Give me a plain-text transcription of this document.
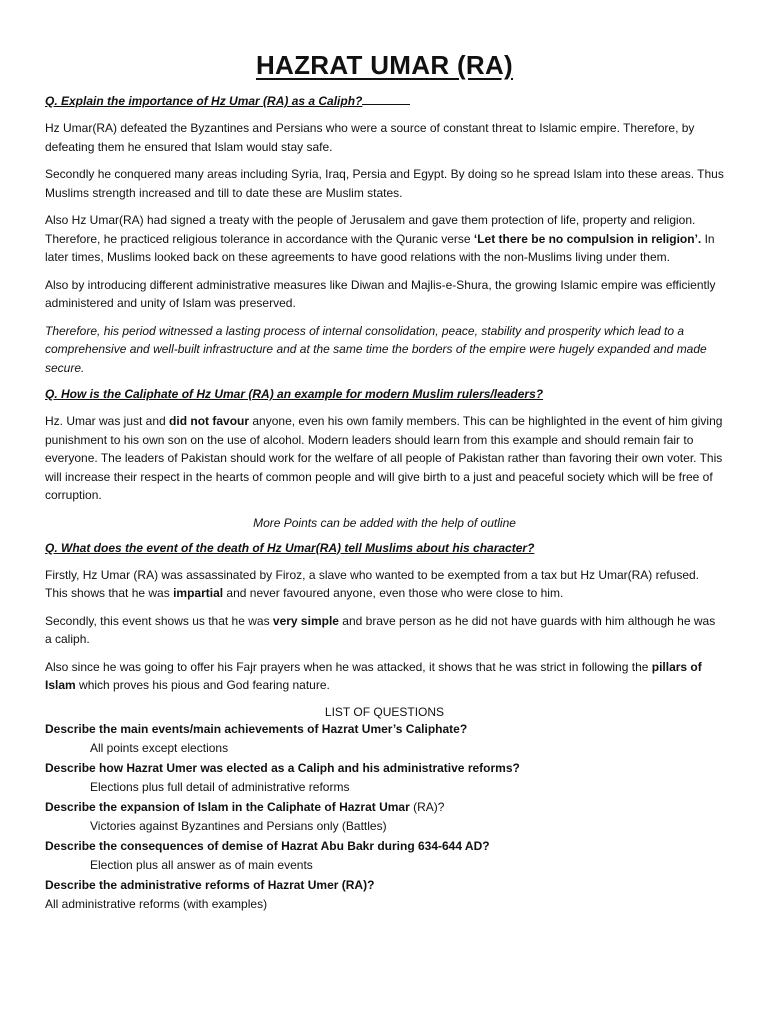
HAZRAT UMAR (RA)
Q. Explain the importance of Hz Umar (RA) as a Caliph?

Hz Umar(RA) defeated the Byzantines and Persians who were a source of constant threat to Islamic empire. Therefore, by defeating them he ensured that Islam would stay safe.

Secondly he conquered many areas including Syria, Iraq, Persia and Egypt. By doing so he spread Islam into these areas. Thus Muslims strength increased and till to date these are Muslim states.

Also Hz Umar(RA) had signed a treaty with the people of Jerusalem and gave them protection of life, property and religion. Therefore, he practiced religious tolerance in accordance with the Quranic verse ‘Let there be no compulsion in religion’. In later times, Muslims looked back on these agreements to have good relations with the non-Muslims living under them.

Also by introducing different administrative measures like Diwan and Majlis-e-Shura, the growing Islamic empire was efficiently administered and unity of Islam was preserved.

Therefore, his period witnessed a lasting process of internal consolidation, peace, stability and prosperity which lead to a comprehensive and well-built infrastructure and at the same time the borders of the empire were hugely expanded and made secure.

Q. How is the Caliphate of Hz Umar (RA) an example for modern Muslim rulers/leaders?

Hz. Umar was just and did not favour anyone, even his own family members. This can be highlighted in the event of him giving punishment to his own son on the use of alcohol. Modern leaders should learn from this example and should remain fair to everyone. The leaders of Pakistan should work for the welfare of all people of Pakistan rather than favoring their own voter. This will increase their respect in the hearts of common people and will give birth to a just and peaceful society which will be free of corruption.

More Points can be added with the help of outline

Q. What does the event of the death of Hz Umar(RA) tell Muslims about his character?

Firstly, Hz Umar (RA) was assassinated by Firoz, a slave who wanted to be exempted from a tax but Hz Umar(RA) refused. This shows that he was impartial and never favoured anyone, even those who were close to him.

Secondly, this event shows us that he was very simple and brave person as he did not have guards with him although he was a caliph.

Also since he was going to offer his Fajr prayers when he was attacked, it shows that he was strict in following the pillars of Islam which proves his pious and God fearing nature.

LIST OF QUESTIONS

Describe the main events/main achievements of Hazrat Umer’s Caliphate?

All points except elections

Describe how Hazrat Umer was elected as a Caliph and his administrative reforms?

Elections plus full detail of administrative reforms

Describe the expansion of Islam in the Caliphate of Hazrat Umar (RA)?

Victories against Byzantines and Persians only (Battles)

Describe the consequences of demise of Hazrat Abu Bakr during 634-644 AD?

Election plus all answer as of main events

Describe the administrative reforms of Hazrat Umer (RA)?

All administrative reforms (with examples)
